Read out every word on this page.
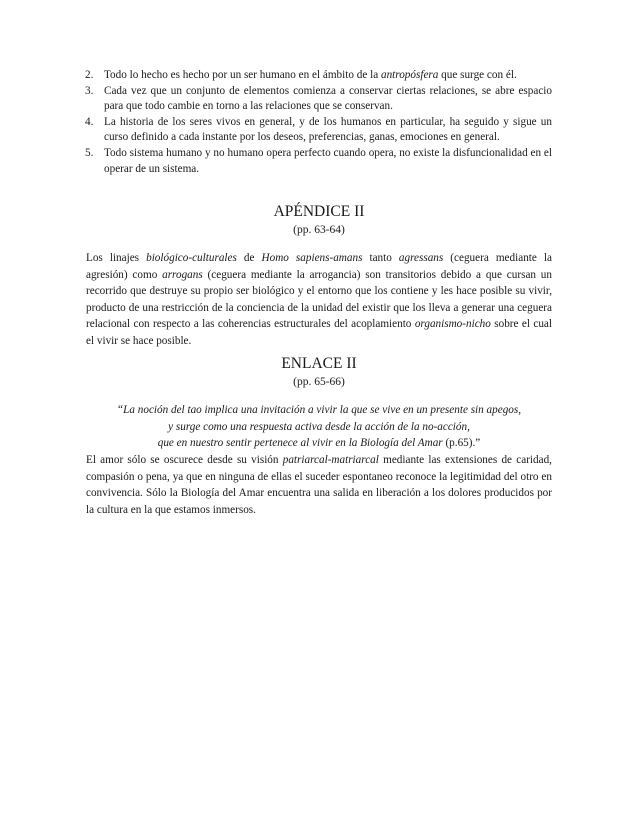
2. Todo lo hecho es hecho por un ser humano en el ámbito de la antropósfera que surge con él.
3. Cada vez que un conjunto de elementos comienza a conservar ciertas relaciones, se abre espacio para que todo cambie en torno a las relaciones que se conservan.
4. La historia de los seres vivos en general, y de los humanos en particular, ha seguido y sigue un curso definido a cada instante por los deseos, preferencias, ganas, emociones en general.
5. Todo sistema humano y no humano opera perfecto cuando opera, no existe la disfuncionalidad en el operar de un sistema.
APÉNDICE II
(pp. 63-64)

Los linajes biológico-culturales de Homo sapiens-amans tanto agressans (ceguera mediante la agresión) como arrogans (ceguera mediante la arrogancia) son transitorios debido a que cursan un recorrido que destruye su propio ser biológico y el entorno que los contiene y les hace posible su vivir, producto de una restricción de la conciencia de la unidad del existir que los lleva a generar una ceguera relacional con respecto a las coherencias estructurales del acoplamiento organismo-nicho sobre el cual el vivir se hace posible.

ENLACE II
(pp. 65-66)
“La noción del tao implica una invitación a vivir la que se vive en un presente sin apegos,
y surge como una respuesta activa desde la acción de la no-acción,
que en nuestro sentir pertenece al vivir en la Biología del Amar (p.65).”

El amor sólo se oscurece desde su visión patriarcal-matriarcal mediante las extensiones de caridad, compasión o pena, ya que en ninguna de ellas el suceder espontaneo reconoce la legitimidad del otro en convivencia. Sólo la Biología del Amar encuentra una salida en liberación a los dolores producidos por la cultura en la que estamos inmersos.
